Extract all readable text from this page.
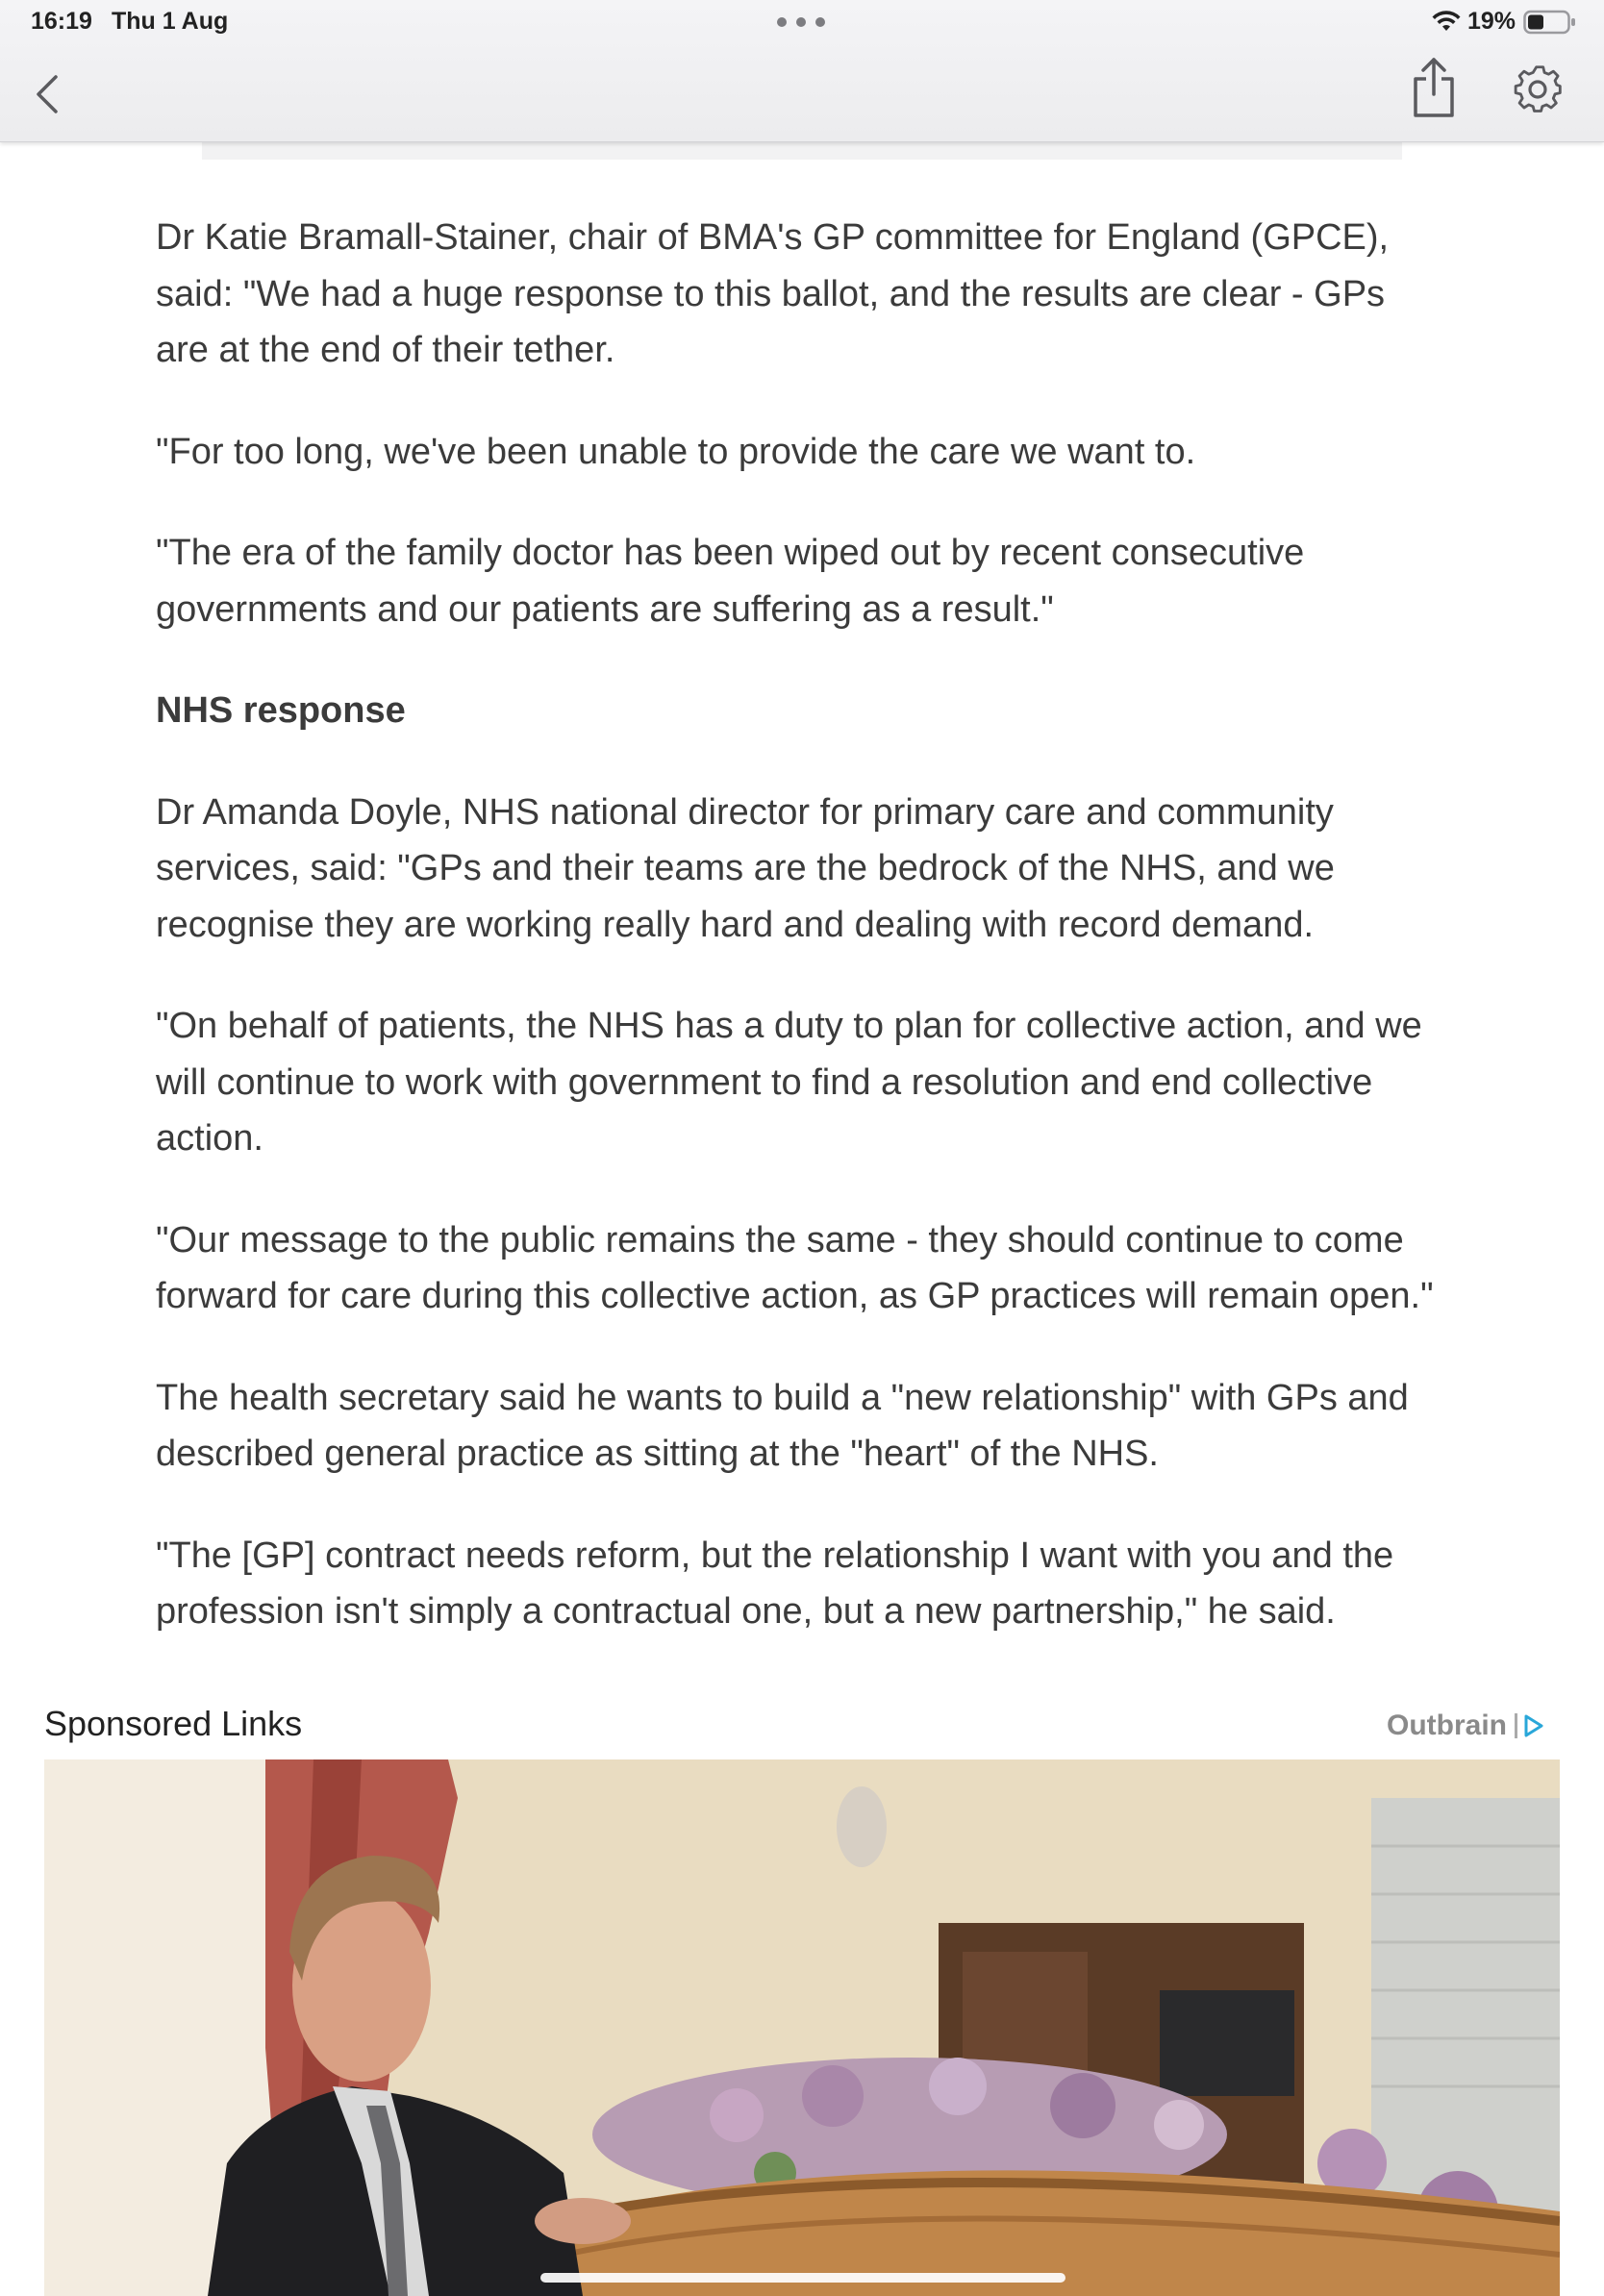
16:19 Thu 1 Aug	19%

Dr Katie Bramall-Stainer, chair of BMA's GP committee for England (GPCE), said: "We had a huge response to this ballot, and the results are clear - GPs are at the end of their tether.

"For too long, we've been unable to provide the care we want to.

"The era of the family doctor has been wiped out by recent consecutive governments and our patients are suffering as a result."

NHS response

Dr Amanda Doyle, NHS national director for primary care and community services, said: "GPs and their teams are the bedrock of the NHS, and we recognise they are working really hard and dealing with record demand.

"On behalf of patients, the NHS has a duty to plan for collective action, and we will continue to work with government to find a resolution and end collective action.

"Our message to the public remains the same - they should continue to come forward for care during this collective action, as GP practices will remain open."

The health secretary said he wants to build a "new relationship" with GPs and described general practice as sitting at the "heart" of the NHS.

"The [GP] contract needs reform, but the relationship I want with you and the profession isn't simply a contractual one, but a new partnership," he said.

Sponsored Links	Outbrain
